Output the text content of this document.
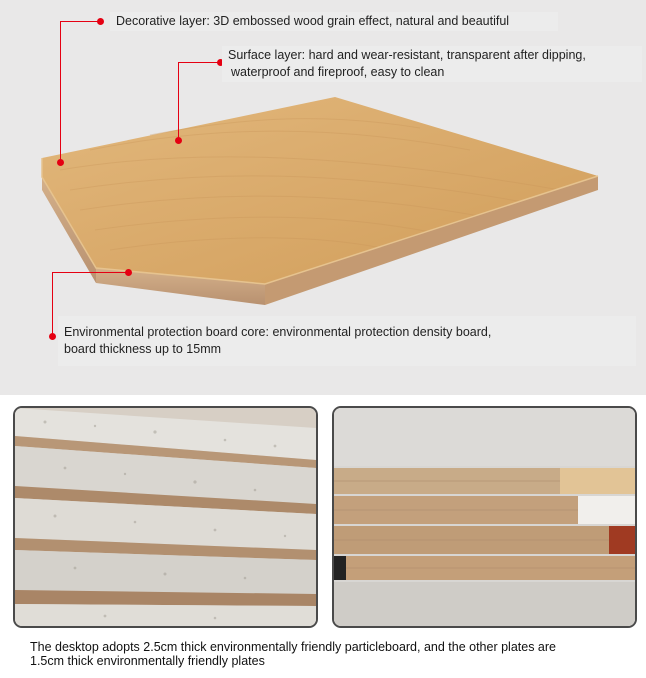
Decorative layer: 3D embossed wood grain effect, natural and beautiful
Surface layer: hard and wear-resistant, transparent after dipping,
waterproof and fireproof, easy to clean
Environmental protection board core: environmental protection density board,
board thickness up to 15mm
The desktop adopts 2.5cm thick environmentally friendly particleboard, and the other plates are
1.5cm thick environmentally friendly plates
